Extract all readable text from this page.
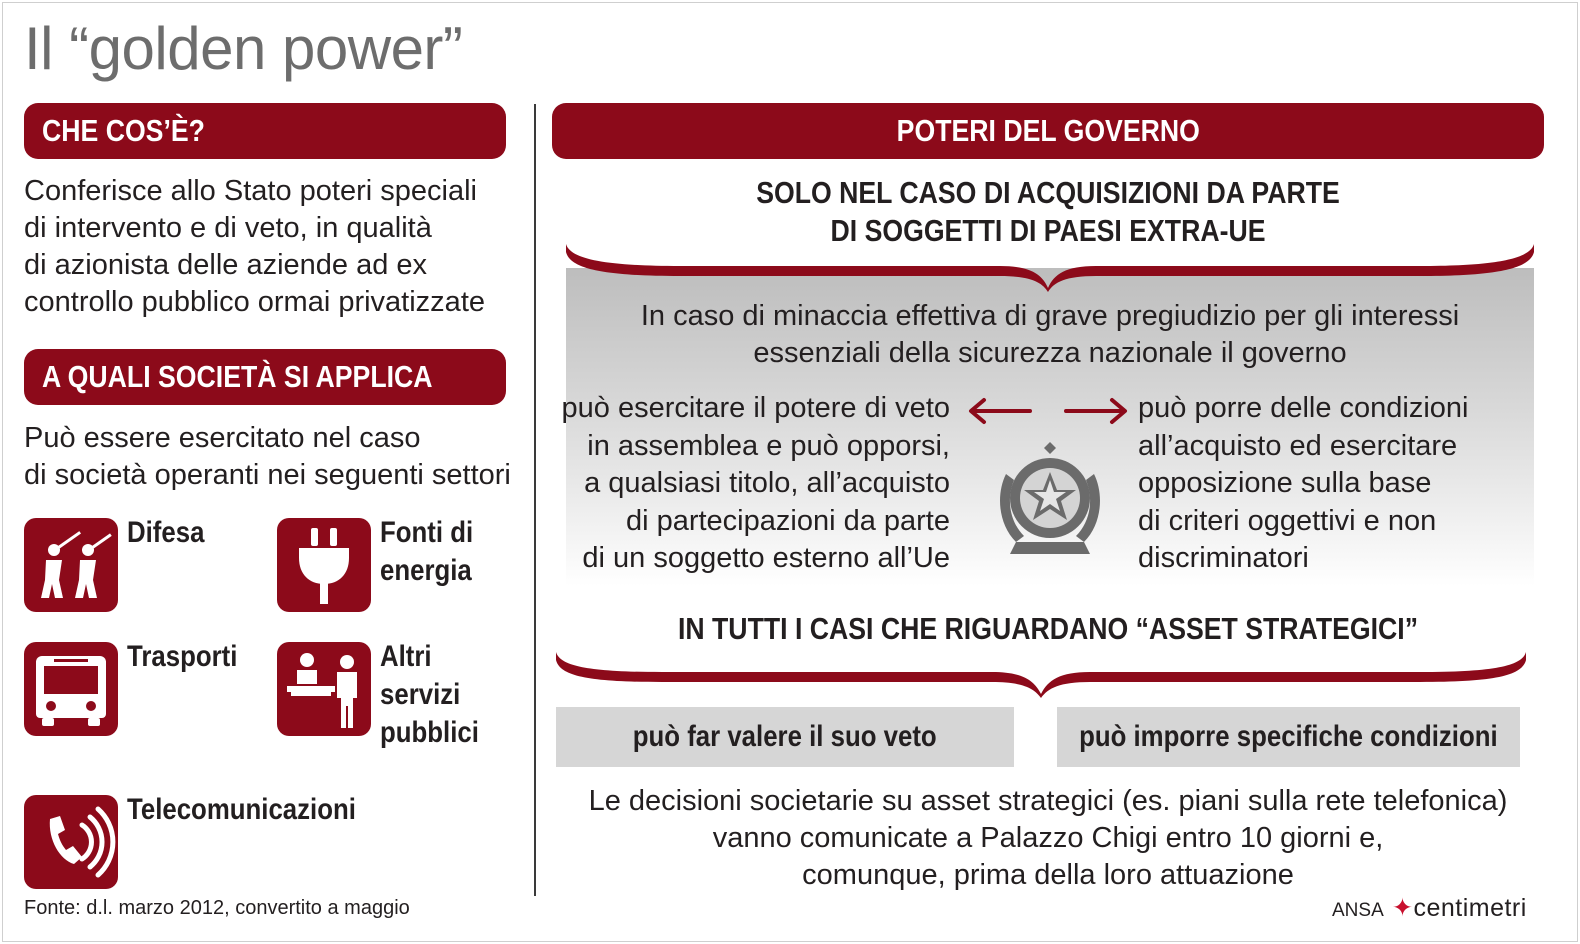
Il “golden power”
CHE COS’È?
Conferisce allo Stato poteri speciali
di intervento e di veto, in qualità
di azionista delle aziende ad ex
controllo pubblico ormai privatizzate
A QUALI SOCIETÀ SI APPLICA
Può essere esercitato nel caso
di società operanti nei seguenti settori
Difesa	Fonti di
energia
Trasporti	Altri
servizi
pubblici
Telecomunicazioni
Fonte: d.l. marzo 2012, convertito a maggio
POTERI DEL GOVERNO
SOLO NEL CASO DI ACQUISIZIONI DA PARTE
DI SOGGETTI DI PAESI EXTRA-UE
In caso di minaccia effettiva di grave pregiudizio per gli interessi
essenziali della sicurezza nazionale il governo
può esercitare il potere di veto
in assemblea e può opporsi,
a qualsiasi titolo, all’acquisto
di partecipazioni da parte
di un soggetto esterno all’Ue
può porre delle condizioni
all’acquisto ed esercitare
opposizione sulla base
di criteri oggettivi e non
discriminatori
IN TUTTI I CASI CHE RIGUARDANO “ASSET STRATEGICI”
può far valere il suo veto	può imporre specifiche condizioni
Le decisioni societarie su asset strategici (es. piani sulla rete telefonica)
vanno comunicate a Palazzo Chigi entro 10 giorni e,
comunque, prima della loro attuazione
ANSA ✦centimetri
